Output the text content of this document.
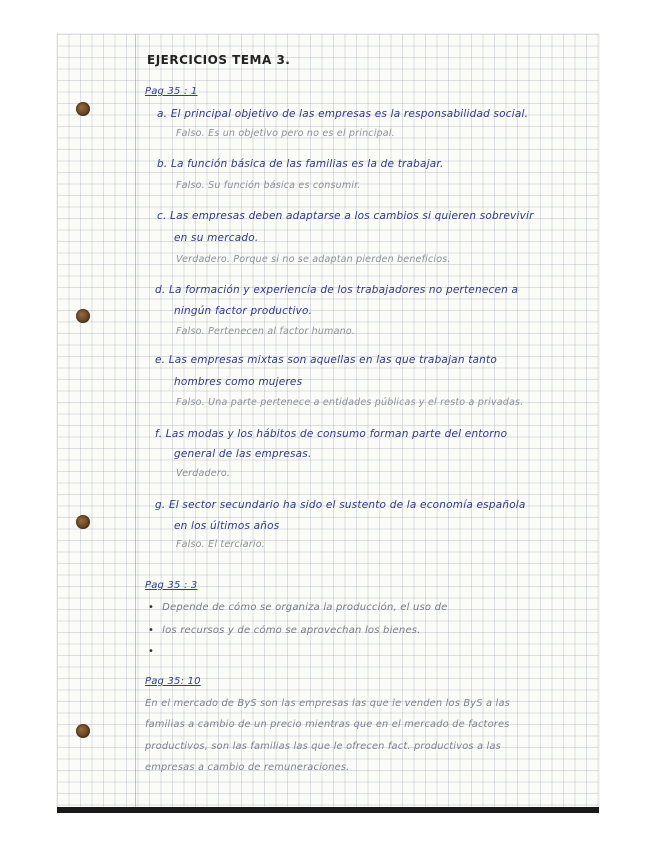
EJERCICIOS TEMA 3.
Pag 35 : 1
a. El principal objetivo de las empresas es la responsabilidad social.
Falso. Es un objetivo pero no es el principal.
b. La función básica de las familias es la de trabajar.
Falso. Su función básica es consumir.
c. Las empresas deben adaptarse a los cambios si quieren sobrevivir
en su mercado.
Verdadero. Porque si no se adaptan pierden beneficios.
d. La formación y experiencia de los trabajadores no pertenecen a
ningún factor productivo.
Falso. Pertenecen al factor humano.
e. Las empresas mixtas son aquellas en las que trabajan tanto
hombres como mujeres
Falso. Una parte pertenece a entidades públicas y el resto a privadas.
f. Las modas y los hábitos de consumo forman parte del entorno
general de las empresas.
Verdadero.
g. El sector secundario ha sido el sustento de la economía española
en los últimos años
Falso. El terciario.
Pag 35 : 3
• Depende de cómo se organiza la producción, el uso de
• los recursos y de cómo se aprovechan los bienes.
•
Pag 35: 10
En el mercado de ByS son las empresas las que le venden los ByS a las
familias a cambio de un precio mientras que en el mercado de factores
productivos, son las familias las que le ofrecen fact. productivos a las
empresas a cambio de remuneraciones.
